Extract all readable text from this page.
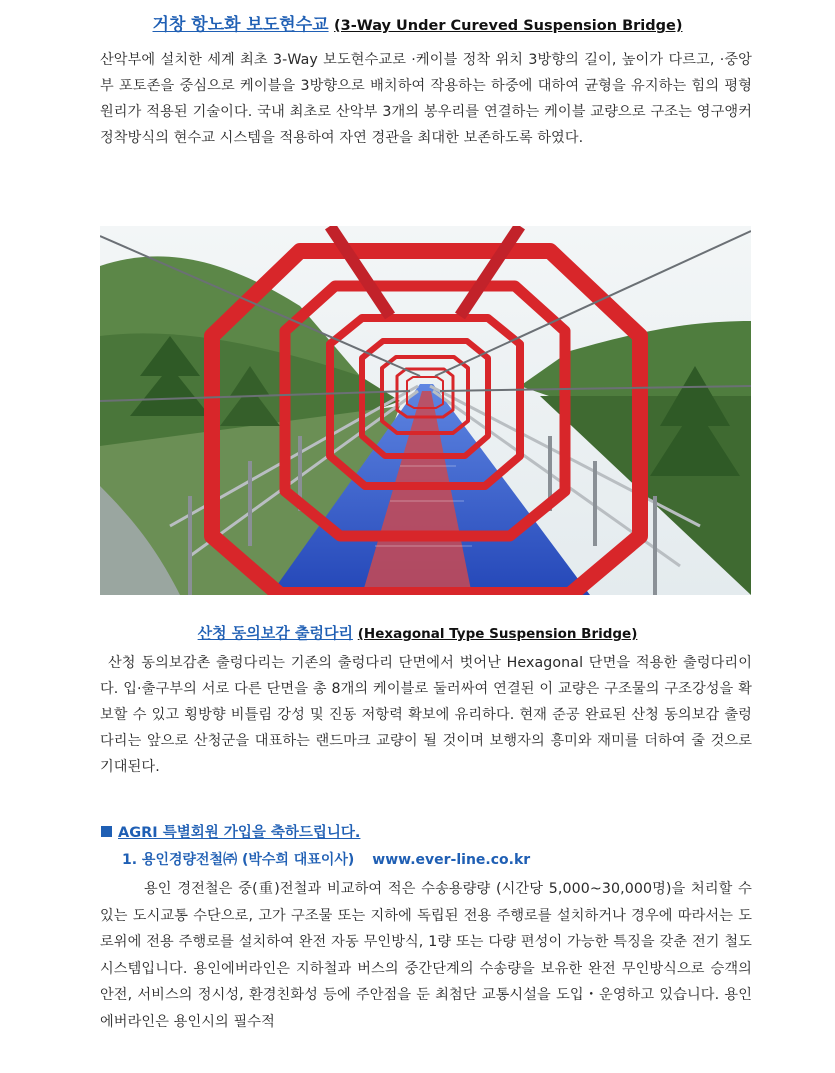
거창 항노화 보도현수교 (3-Way Under Cureved Suspension Bridge)
산악부에 설치한 세계 최초 3-Way 보도현수교로 ·케이블 정착 위치 3방향의 길이, 높이가 다르고, ·중앙부 포토존을 중심으로 케이블을 3방향으로 배치하여 작용하는 하중에 대하여 균형을 유지하는 힘의 평형원리가 적용된 기술이다. 국내 최초로 산악부 3개의 봉우리를 연결하는 케이블 교량으로 구조는 영구앵커 정착방식의 현수교 시스템을 적용하여 자연 경관을 최대한 보존하도록 하였다.
산청 동의보감 출렁다리 (Hexagonal Type Suspension Bridge)
산청 동의보감촌 출렁다리는 기존의 출렁다리 단면에서 벗어난 Hexagonal 단면을 적용한 출렁다리이다. 입·출구부의 서로 다른 단면을 총 8개의 케이블로 둘러싸여 연결된 이 교량은 구조물의 구조강성을 확보할 수 있고 횡방향 비틀림 강성 및 진동 저항력 확보에 유리하다. 현재 준공 완료된 산청 동의보감 출렁다리는 앞으로 산청군을 대표하는 랜드마크 교량이 될 것이며 보행자의 흥미와 재미를 더하여 줄 것으로 기대된다.
AGRI 특별회원 가입을 축하드립니다.
1. 용인경량전철㈜ (박수희 대표이사) www.ever-line.co.kr
용인 경전철은 중(重)전철과 비교하여 적은 수송용량량 (시간당 5,000~30,000명)을 처리할 수 있는 도시교통 수단으로, 고가 구조물 또는 지하에 독립된 전용 주행로를 설치하거나 경우에 따라서는 도로위에 전용 주행로를 설치하여 완전 자동 무인방식, 1량 또는 다량 편성이 가능한 특징을 갖춘 전기 철도 시스템입니다. 용인에버라인은 지하철과 버스의 중간단계의 수송량을 보유한 완전 무인방식으로 승객의 안전, 서비스의 정시성, 환경친화성 등에 주안점을 둔 최첨단 교통시설을 도입・운영하고 있습니다. 용인에버라인은 용인시의 필수적
